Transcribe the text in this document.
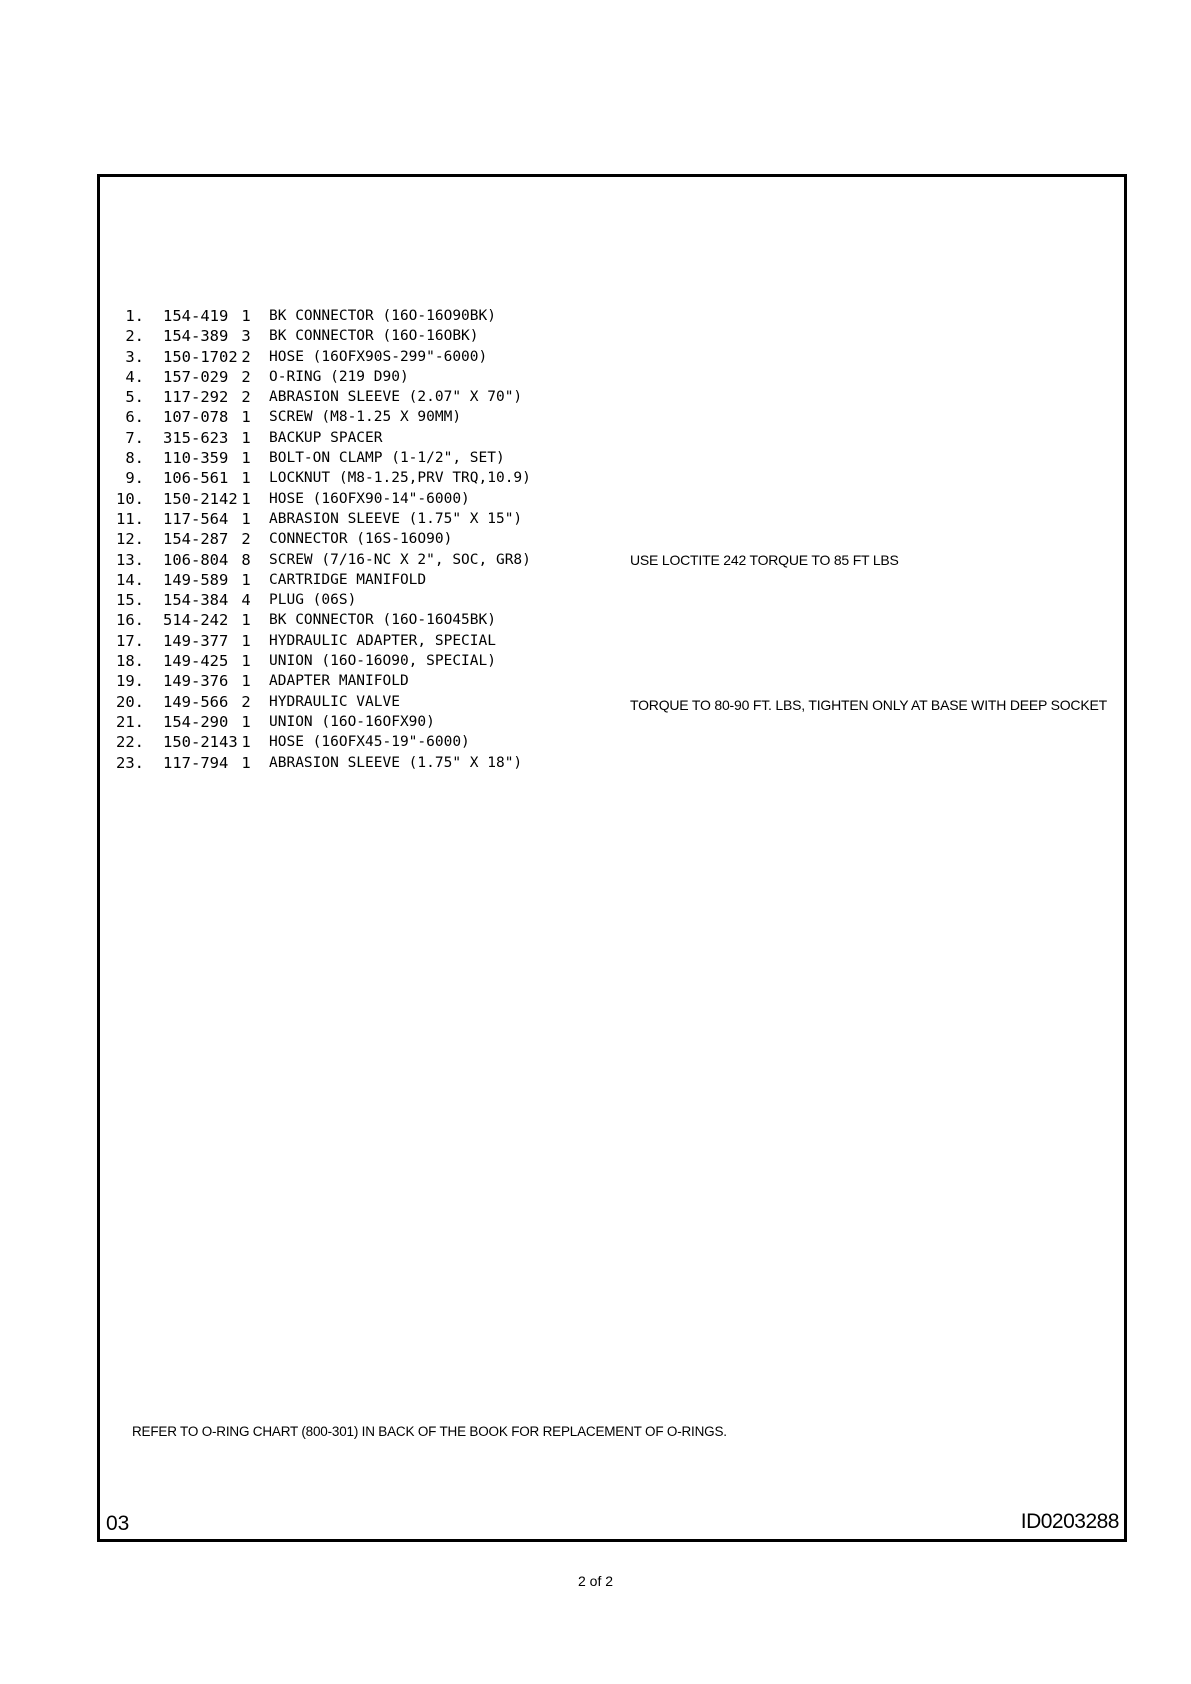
1. 154-419 1 BK CONNECTOR (16O-16O90BK)
2. 154-389 3 BK CONNECTOR (16O-16OBK)
3. 150-1702 2 HOSE (16OFX90S-299"-6000)
4. 157-029 2 O-RING (219 D90)
5. 117-292 2 ABRASION SLEEVE (2.07" X 70")
6. 107-078 1 SCREW (M8-1.25 X 90MM)
7. 315-623 1 BACKUP SPACER
8. 110-359 1 BOLT-ON CLAMP (1-1/2", SET)
9. 106-561 1 LOCKNUT (M8-1.25,PRV TRQ,10.9)
10. 150-2142 1 HOSE (16OFX90-14"-6000)
11. 117-564 1 ABRASION SLEEVE (1.75" X 15")
12. 154-287 2 CONNECTOR (16S-16O90)
13. 106-804 8 SCREW (7/16-NC X 2", SOC, GR8)
14. 149-589 1 CARTRIDGE MANIFOLD
15. 154-384 4 PLUG (06S)
16. 514-242 1 BK CONNECTOR (16O-16O45BK)
17. 149-377 1 HYDRAULIC ADAPTER, SPECIAL
18. 149-425 1 UNION (16O-16O90, SPECIAL)
19. 149-376 1 ADAPTER MANIFOLD
20. 149-566 2 HYDRAULIC VALVE
21. 154-290 1 UNION (16O-16OFX90)
22. 150-2143 1 HOSE (16OFX45-19"-6000)
23. 117-794 1 ABRASION SLEEVE (1.75" X 18")
USE LOCTITE 242 TORQUE TO 85 FT LBS
TORQUE TO 80-90 FT. LBS, TIGHTEN ONLY AT BASE WITH DEEP SOCKET
REFER TO O-RING CHART (800-301) IN BACK OF THE BOOK FOR REPLACEMENT OF O-RINGS.
03	ID0203288
2 of 2
